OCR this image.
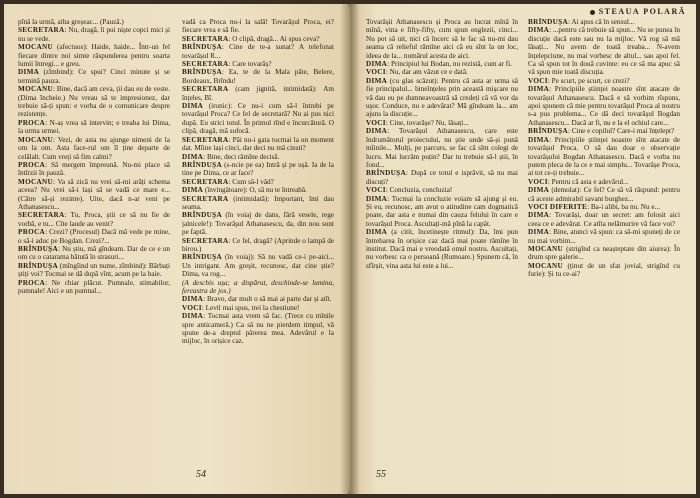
pînă la urmă, aiba greșeac... (Pauză.)

SECRETARA: Nu, dragă, îi pui niște copci mici și nu se vede.

MOCANU (afectuos): Haide, haide... Într-un fel fiecare dintre noi simte răspunderea pentru soarta lumii întregi... e greu.

DIMA (zîmbind): Ce spui? Cinci minute și se termină pauza.

MOCANU: Bine, dacă am ceva, ții dau eu de veste. (Dima încheie.) Nu vreau să te impresionez, dar trebuie să-ți spun: e vorba de o comunicare despre rezistențe.

PROCA: N-aș vrea să intervin; e treaba lui Dima, la urma urmei.

MOCANU: Vezi, de asta nu ajunge nimeni de la om la om. Asta face-rul om îl ține departe de celălalt. Cum vreți să fim calmi?

PROCA: Să mergem împreună. Nu-mi place să întîrzii în pauză.

MOCANU: Va să zică nu vrei să-mi arăți schema aceea? Nu vrei să-i lași să se vadă ce mare e... (Către să-și rezinte). Uite, dacă n-ar veni pe Athanasescu...

SECRETARA: Tu, Proca, știi ce să nu fie de vorbă, e tu... Cîte laude au venit?

PROCA: Crezi? (Procesul) Dacă mă vede pe mine, o să-i aduc pe Bogdan. Crezi?...

BRÎNDUȘA: Nu știu, mă gîndeam. Dar de ce e un om cu o catarama bătută în strasuri...

BRÎNDUȘA (mîngîind un nume, zîmbind): Bărbați știți voi? Tocmai se dă după vînt, acum pe la baie.

PROCA: Ne chiar plăcut. Pumnale, stimabilor, pumnale! Aici e un pumnal...

vadă ca Proca nu-i la sală! Tovarășul Proca, ei? fiecare vrea e să fie.

SECRETARA: O clipă, dragă... Ai spus ceva?

BRÎNDUȘA: Cine de te-a sunat? A telefonat tovarășul R...

SECRETARA: Care tovarăș?

BRÎNDUȘA: Ea, te de la Mala păie, Belere, Bordeaux, Brîndu!

SECRETARA (cam jignită, intimidată): Am înțeles, Bî.

DIMA (ironic): Ce nu-i cum să-l întrebi pe tovarășul Proca? Ce fel de secretară? Nu ai pus nici după. Eu strici totul. În primul rînd e încurcătură. O clipă, dragă, mă sufocă.

SECRETARA: Păi nu-i gata tocmai la un moment dat. Mîine lași cinci, dar deci nu mă cinsti?

DIMA: Bine, deci rămîne decisă.

BRÎNDUȘA (s-ncie pe ea) Intră și pe ușă. Ia de la tine pe Dima, ce ar face?

SECRETARA: Cum să-l văd?

DIMA (învingătoare): O, să nu te întreabă.

SECRETARA (intimidată): Important, îmi dau seama.

BRÎNDUȘA (în voiaj de dans, fără vesele, rege jalnicele!): Tovarășul Athanasescu, da, din nou sunt pe faptă.

SECRETARA: Ce fel, dragă? (Aprinde o lampă de birou.)

BRÎNDUȘA (în voiaj): Să nu vadă ce-i pe-aici... Un intrigant. Am greșit, recunosc, dar cine știe? Dima, va rog...

(A deschis ușa; a dispărut, deschinde-se lumina, fereastra de jos.)

DIMA: Bravo, dar mult o să mai ai parte dar și atît.

VOCI: Levil mai spus, trei la chestiune!

DIMA: Tocmai asta vrem să fac. (Trece cu mînile spre anticameră.) Ca să nu ne pierdem timpul, vă spune de-a dreptul părerea mea. Adevărul e la mijloc, în orișice caz.

54
STEAUA POLARĂ

Tovarășii Athanasescu și Proca au lucrat mînă în mînă, vina e fifty-fifty, cum spun englezii, cinci... Nu pot să uit, nici că încerc să le fac să nu-mi dau seama că relieful rămîne aici că eu sînt la un loc, ideea de la... numărul acesta de aici.

DIMA: Principiul lui Bodan, nu rezistă, cum ar fi.

VOCI: Nu, dar am văzut ce e dată.

DIMA (cu glas scăzut): Pentru că asta ar urma să fie principalul... bineînțeles prin această mișcare nu vă dau eu pe dumneavoastră să credeți că vă vor da ușor. Conduce, nu e adevărat? Mă gîndeam la... am ajuns la discuție...

VOCI: Cine, tovarășe? Nu, lăsați...

DIMA: Tovarășul Athanasescu, care este îndrumătorul proiectului, nu știe unde să-și pună mîinile... Mulți, pe parcurs, se fac că sînt colegi de lucru. Mai lucrăm puțin? Dar tu trebuie să-l știi, în fond...

BRÎNDUȘA: După ce totul e isprăvit, să nu mai discuți?

VOCI: Concluzia, concluzia!

DIMA: Tocmai la concluzie voiam să ajung și eu. Și eu, recunosc, am avut o atitudine cam dogmatică poate, dar asta e numai din cauza felului în care e tovarășul Proca. Ascultați-mă pînă la capăt.

DIMA (a citit, încetinește ritmul): Da, îmi pun întrebarea în orișice caz dacă mai poate rămîne în institut. Dacă mai e vreodată omul nostru. Ascultați, nu vorbesc ca o persoană (Rumoare.) Spunem că, în sfîrșit, vina asta lui este a lui...

BRÎNDUȘA: Ai apus că în sensul...

DIMA: ...pentru că trebuie să spun... Nu se punea în discuție dacă este sau nu la mijloc. Vă rog să mă lăsați... Nu avem de toată treaba... N-avem înțelepciune, nu mai vorbesc de altul... sau apoi fel. Ca să spun tot în două cuvinte: eu ce să ma apuc să vă spun mie toată discuția.

VOCI: Pe scurt, pe scurt, ce crezi?

DIMA: Principiile științei noastre sînt atacate de tovarășul Athanasescu. Dacă e să vorbim rîspuns, apoi spunem că mie pentru tovarășul Proca al nostru s-a pus problema... Ce dă deci tovarășul Bogdan Athanasescu... Dacă ar fi, nu e la el ochiul care...

BRÎNDUȘA: Cine e copilul? Care-i mai înțelept?

DIMA: Principiile științei noastre sînt atacate de tovarășul Proca. O să dau doar o observație tovarășului Bogdan Athanasescu. Dacă e vorba nu putem pleca de la ce e mai simplu... Tovarășe Proca, ai tot ce-ți trebuie...

VOCI: Pentru că asta e adevărul...

DIMA (demolat): Ce fel? Ce să vă răspund: pentru că aceste admirabil savant burghez...

VOCI DIFERITE: Ba-i alibi, ba nu. Nu e...

DIMA: Tovarăși, doar un secret: am folosit aici ceea ce e adevărat. Ce atîta nelămurire vă face voi?

DIMA: Bine, atunci vă spun: ca să-mi spuneți de ce nu mai vorbim...

MOCANU (strigînd ca neașteptate din aiurea): În drum spre galerie...

MOCANU (ținut de un sfat jovial, strigînd cu furie): Și tu ce-ai?

55
